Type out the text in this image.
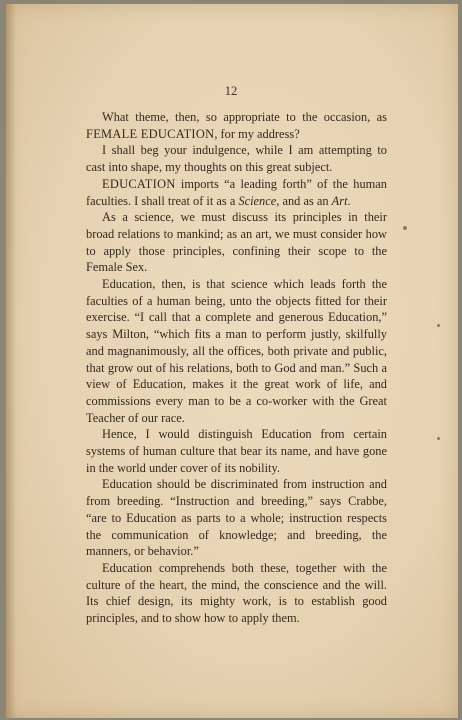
12

What theme, then, so appropriate to the occasion, as FEMALE EDUCATION, for my address?

I shall beg your indulgence, while I am attempting to cast into shape, my thoughts on this great subject.

EDUCATION imports “a leading forth” of the human faculties. I shall treat of it as a Science, and as an Art.

As a science, we must discuss its principles in their broad relations to mankind; as an art, we must consider how to apply those principles, confining their scope to the Female Sex.

Education, then, is that science which leads forth the faculties of a human being, unto the objects fitted for their exercise. “I call that a complete and generous Education,” says Milton, “which fits a man to perform justly, skilfully and magnanimously, all the offices, both private and public, that grow out of his relations, both to God and man.” Such a view of Education, makes it the great work of life, and commissions every man to be a co-worker with the Great Teacher of our race.

Hence, I would distinguish Education from certain systems of human culture that bear its name, and have gone in the world under cover of its nobility.

Education should be discriminated from instruction and from breeding. “Instruction and breeding,” says Crabbe, “are to Education as parts to a whole; instruction respects the communication of knowledge; and breeding, the manners, or behavior.”

Education comprehends both these, together with the culture of the heart, the mind, the conscience and the will. Its chief design, its mighty work, is to establish good principles, and to show how to apply them.
